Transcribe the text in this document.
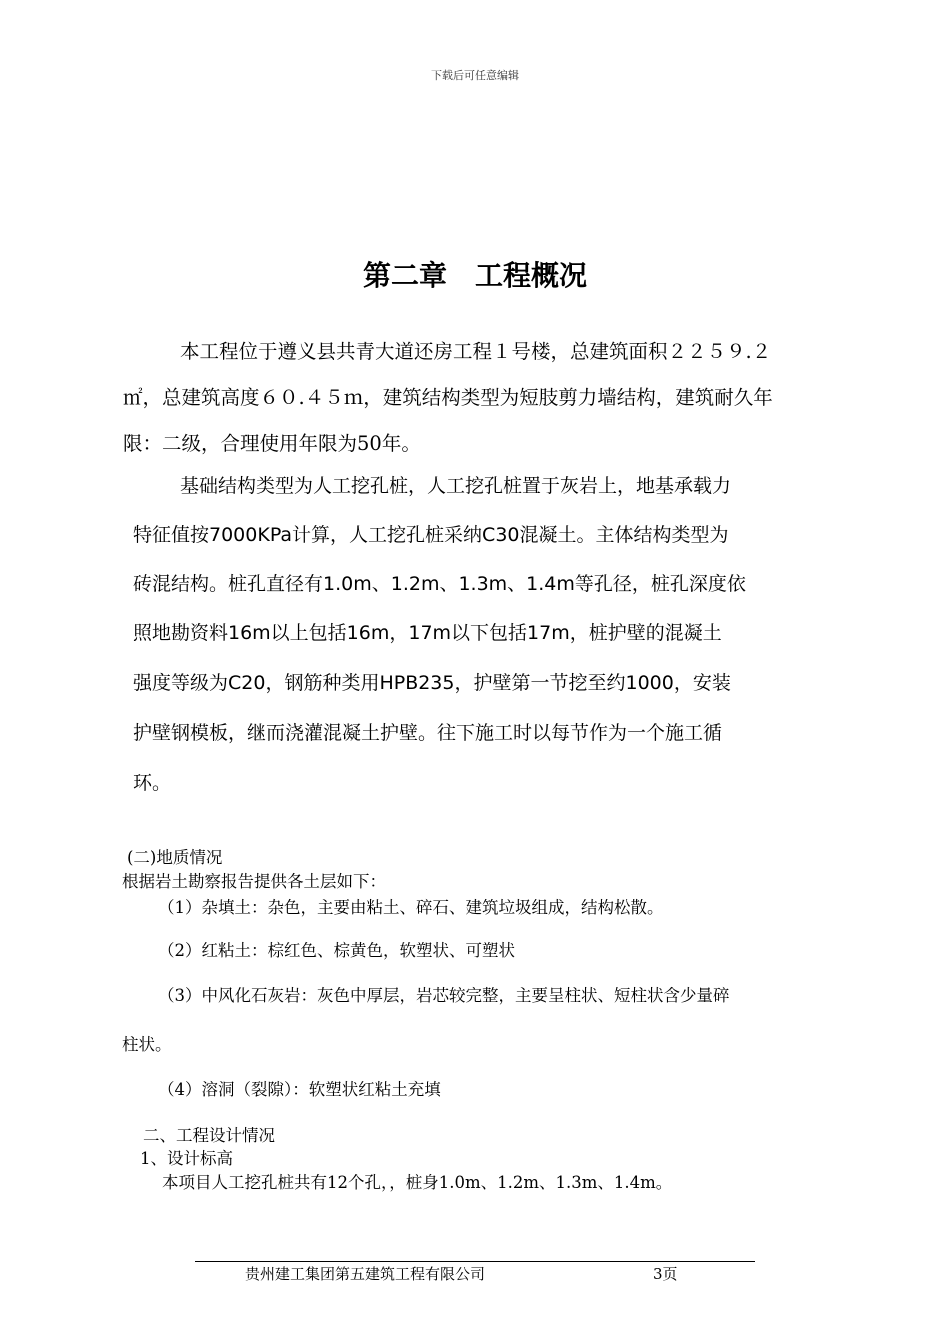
下载后可任意编辑
第二章　工程概况
本工程位于遵义县共青大道还房工程１号楼，总建筑面积２２５９.２
㎡，总建筑高度６０.４５ｍ，建筑结构类型为短肢剪力墙结构，建筑耐久年
限：二级，合理使用年限为50年。
基础结构类型为人工挖孔桩，人工挖孔桩置于灰岩上，地基承载力
特征值按7000KPa计算，人工挖孔桩采纳C30混凝土。主体结构类型为
砖混结构。桩孔直径有1.0m、1.2m、1.3m、1.4m等孔径，桩孔深度依
照地勘资料16m以上包括16m，17m以下包括17m，桩护壁的混凝土
强度等级为C20，钢筋种类用HPB235，护壁第一节挖至约1000，安装
护壁钢模板，继而浇灌混凝土护壁。往下施工时以每节作为一个施工循
环。
(二)地质情况
根据岩土勘察报告提供各土层如下：
（1）杂填土：杂色，主要由粘土、碎石、建筑垃圾组成，结构松散。
（2）红粘土：棕红色、棕黄色，软塑状、可塑状
（3）中风化石灰岩：灰色中厚层，岩芯较完整，主要呈柱状、短柱状含少量碎
柱状。
（4）溶洞（裂隙）：软塑状红粘土充填
二、工程设计情况
1、设计标高
本项目人工挖孔桩共有12个孔，，桩身1.0m、1.2m、1.3m、1.4m。
贵州建工集团第五建筑工程有限公司	3页
